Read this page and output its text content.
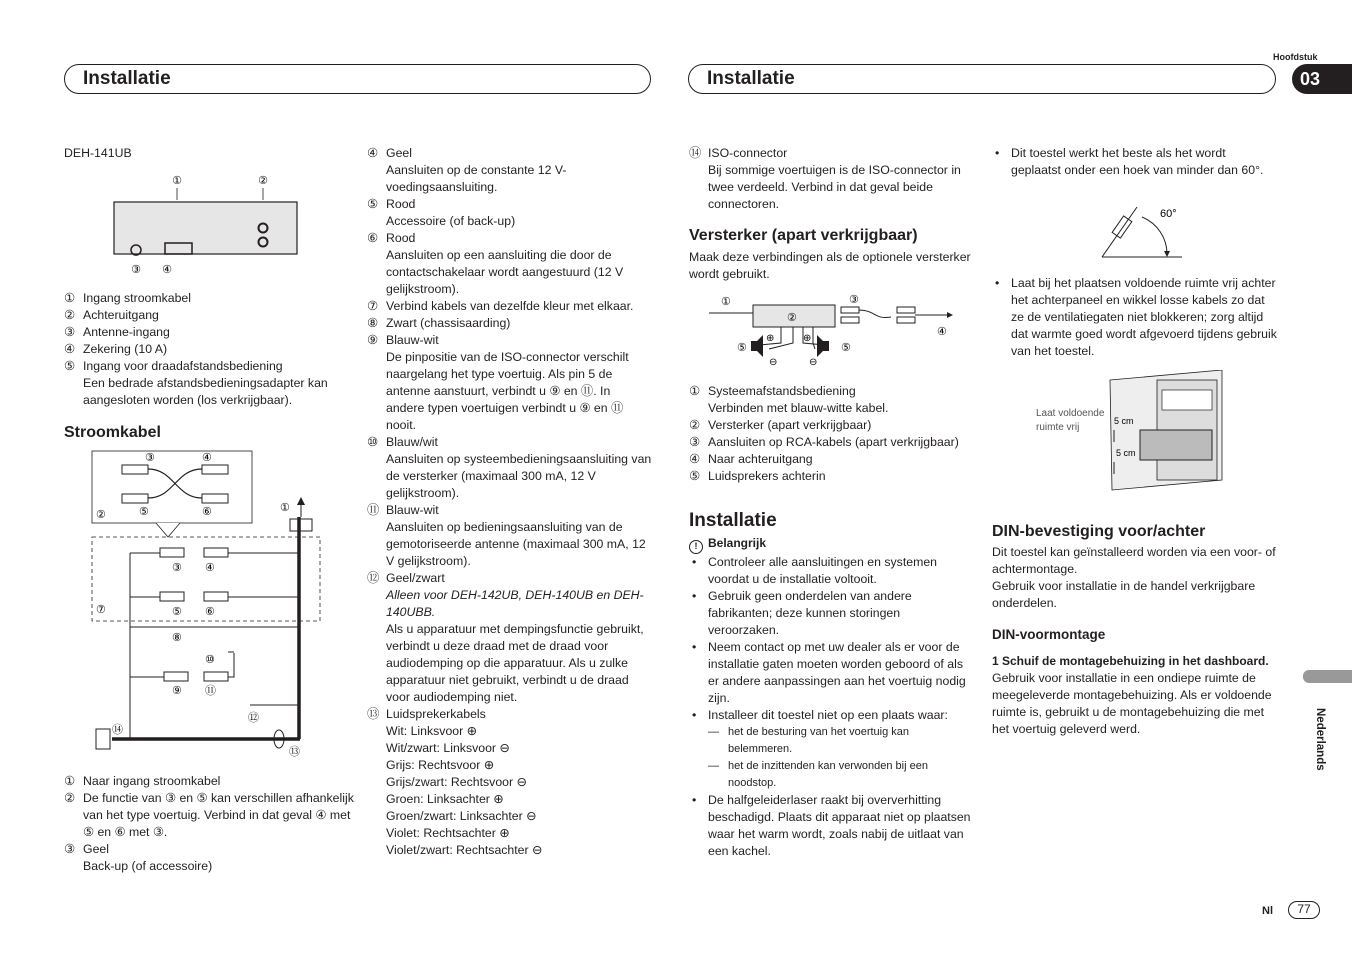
Installatie	Installatie
Hoofdstuk
03

DEH-141UB

①	②
③ ④
① Ingang stroomkabel
② Achteruitgang
③ Antenne-ingang
④ Zekering (10 A)
⑤ Ingang voor draadafstandsbediening

Een bedrade afstandsbedieningsadapter kan aangesloten worden (los verkrijgbaar).

Stroomkabel

③	④
②	⑤	⑥
⑦
①
③ ④
⑤ ⑥
⑧
⑩
⑨ ⑪
⑫
⑬
⑭
① Naar ingang stroomkabel
② De functie van ③ en ⑤ kan verschillen afhankelijk van het type voertuig. Verbind in dat geval ④ met ⑤ en ⑥ met ③.
③ Geel

Back-up (of accessoire)

④ Geel

Aansluiten op de constante 12 V-voedingsaansluiting.

⑤ Rood

Accessoire (of back-up)

⑥ Rood

Aansluiten op een aansluiting die door de contactschakelaar wordt aangestuurd (12 V gelijkstroom).

⑦ Verbind kabels van dezelfde kleur met elkaar.
⑧ Zwart (chassisaarding)
⑨ Blauw-wit

De pinpositie van de ISO-connector verschilt naargelang het type voertuig. Als pin 5 de antenne aanstuurt, verbindt u ⑨ en ⑪. In andere typen voertuigen verbindt u ⑨ en ⑪ nooit.

⑩ Blauw/wit

Aansluiten op systeembedieningsaansluiting van de versterker (maximaal 300 mA, 12 V gelijkstroom).

⑪ Blauw-wit

Aansluiten op bedieningsaansluiting van de gemotoriseerde antenne (maximaal 300 mA, 12 V gelijkstroom).

⑫ Geel/zwart

Alleen voor DEH-142UB, DEH-140UB en DEH-140UBB.

Als u apparatuur met dempingsfunctie gebruikt, verbindt u deze draad met de draad voor audiodemping op die apparatuur. Als u zulke apparatuur niet gebruikt, verbindt u de draad voor audiodemping niet.

⑬ Luidsprekerkabels

Wit: Linksvoor ⊕

Wit/zwart: Linksvoor ⊖

Grijs: Rechtsvoor ⊕

Grijs/zwart: Rechtsvoor ⊖

Groen: Linksachter ⊕

Groen/zwart: Linksachter ⊖

Violet: Rechtsachter ⊕

Violet/zwart: Rechtsachter ⊖

⑭ ISO-connector

Bij sommige voertuigen is de ISO-connector in twee verdeeld. Verbind in dat geval beide connectoren.

Versterker (apart verkrijgbaar)

Maak deze verbindingen als de optionele versterker wordt gebruikt.

①
②
③
④
⑤	⑤
⊕	⊕
⊖	⊖
① Systeemafstandsbediening

Verbinden met blauw-witte kabel.

② Versterker (apart verkrijgbaar)
③ Aansluiten op RCA-kabels (apart verkrijgbaar)
④ Naar achteruitgang
⑤ Luidsprekers achterin

Installatie

! Belangrijk

• Controleer alle aansluitingen en systemen voordat u de installatie voltooit.
• Gebruik geen onderdelen van andere fabrikanten; deze kunnen storingen veroorzaken.
• Neem contact op met uw dealer als er voor de installatie gaten moeten worden geboord of als er andere aanpassingen aan het voertuig nodig zijn.
• Installeer dit toestel niet op een plaats waar:
— het de besturing van het voertuig kan belemmeren.
— het de inzittenden kan verwonden bij een noodstop.
• De halfgeleiderlaser raakt bij oververhitting beschadigd. Plaats dit apparaat niet op plaatsen waar het warm wordt, zoals nabij de uitlaat van een kachel.
• Dit toestel werkt het beste als het wordt geplaatst onder een hoek van minder dan 60°.
60°
• Laat bij het plaatsen voldoende ruimte vrij achter het achterpaneel en wikkel losse kabels zo dat ze de ventilatiegaten niet blokkeren; zorg altijd dat warmte goed wordt afgevoerd tijdens gebruik van het toestel.
Laat voldoende
ruimte vrij
5 cm
5 cm

DIN-bevestiging voor/achter

Dit toestel kan geïnstalleerd worden via een voor- of achtermontage.

Gebruik voor installatie in de handel verkrijgbare onderdelen.

DIN-voormontage

1 Schuif de montagebehuizing in het dashboard.

Gebruik voor installatie in een ondiepe ruimte de meegeleverde montagebehuizing. Als er voldoende ruimte is, gebruikt u de montagebehuizing die met het voertuig geleverd werd.	Nederlands
Nl	77
